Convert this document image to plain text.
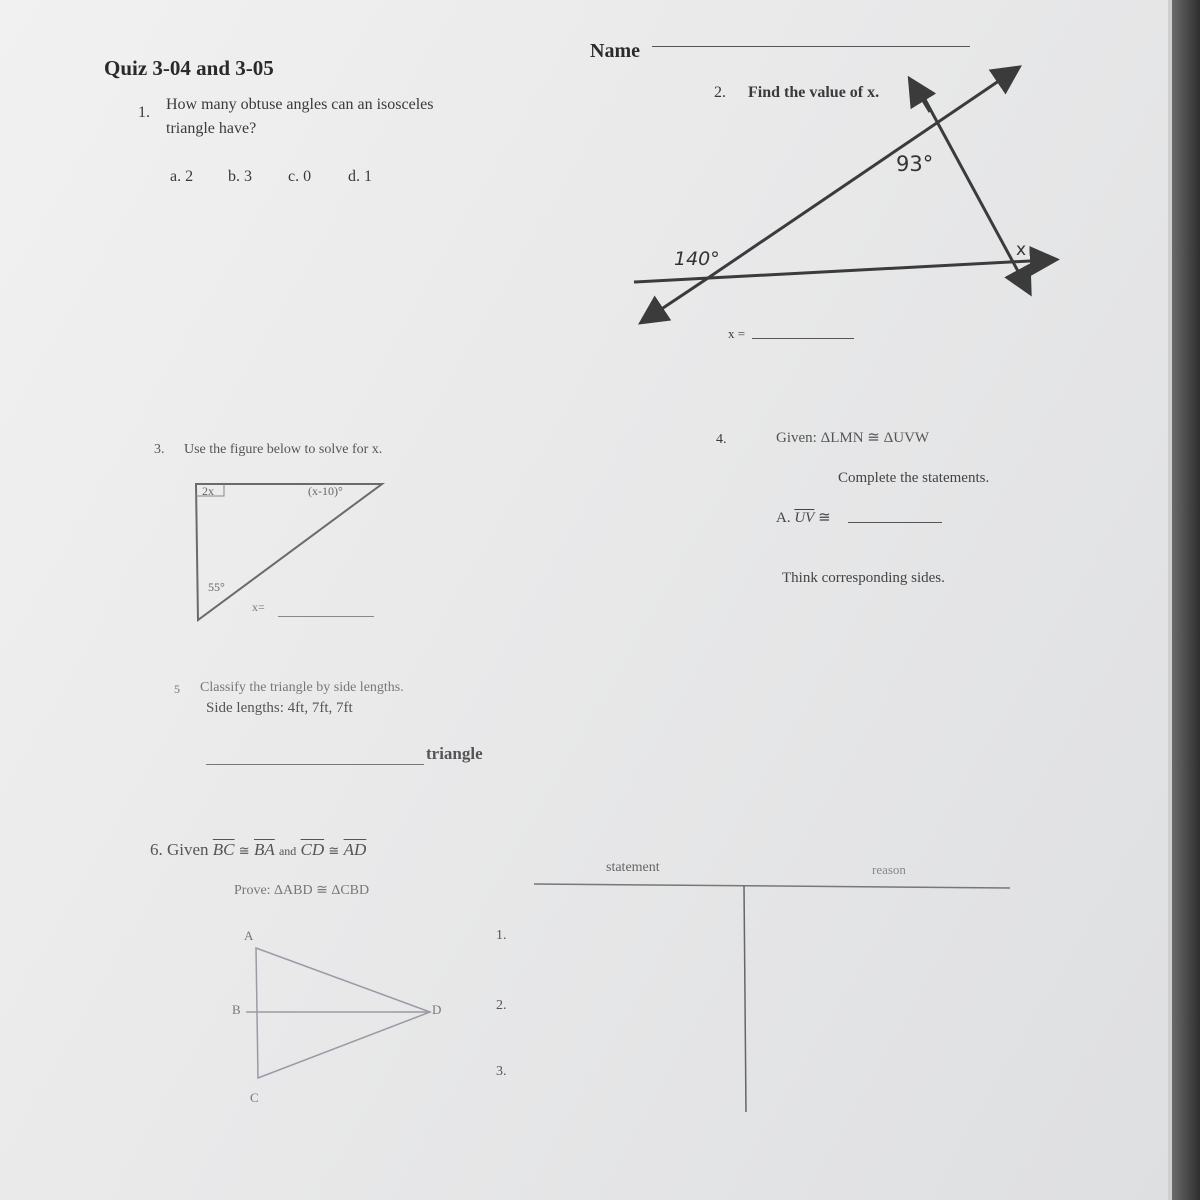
Quiz 3-04 and 3-05
Name
1. How many obtuse angles can an isosceles
triangle have?
a. 2 b. 3 c. 0 d. 1
2. Find the value of x.
93°
140°	x
x =
3. Use the figure below to solve for x.
2x	(x-10)°
55°
x=
4.	Given: ΔLMN ≅ ΔUVW
Complete the statements.
A. $\overline{UV}$ ≅
Think corresponding sides.
5 Classify the triangle by side lengths.
Side lengths: 4ft, 7ft, 7ft
triangle
6. Given $\overline{BC}$ ≅ $\overline{BA}$ and $\overline{CD}$ ≅ $\overline{AD}$
Prove: ΔABD ≅ ΔCBD
A
B
C
D
1.
2.
3.
statement	reason
